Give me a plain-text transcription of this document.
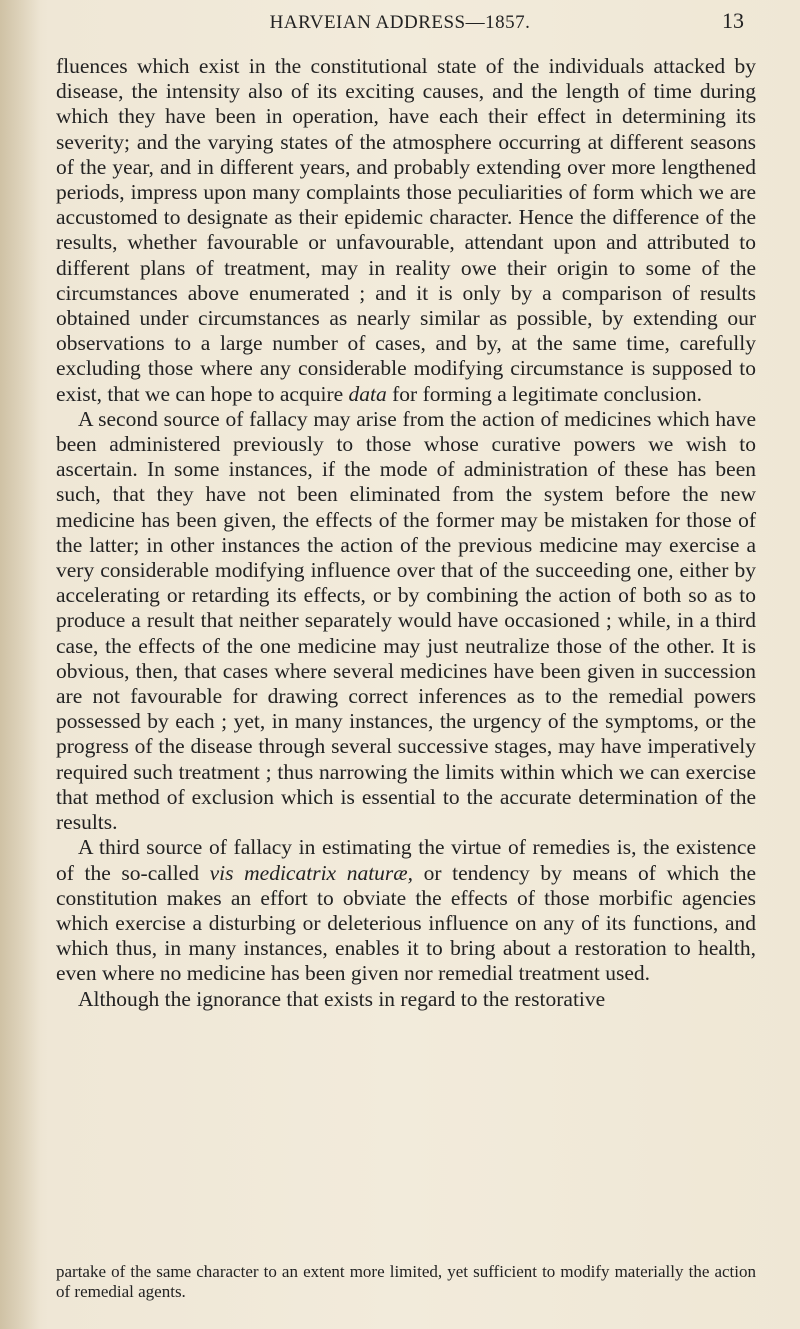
HARVEIAN ADDRESS—1857.	13

fluences which exist in the constitutional state of the individuals attacked by disease, the intensity also of its exciting causes, and the length of time during which they have been in operation, have each their effect in determining its severity; and the varying states of the atmosphere occurring at different seasons of the year, and in different years, and probably extending over more lengthened periods, impress upon many complaints those peculiarities of form which we are accustomed to designate as their epidemic character. Hence the difference of the results, whether favourable or unfavourable, attendant upon and attributed to different plans of treatment, may in reality owe their origin to some of the circumstances above enumerated ; and it is only by a comparison of results obtained under circumstances as nearly similar as possible, by extending our observations to a large number of cases, and by, at the same time, carefully excluding those where any considerable modifying circumstance is supposed to exist, that we can hope to acquire data for forming a legitimate conclusion.

A second source of fallacy may arise from the action of medicines which have been administered previously to those whose curative powers we wish to ascertain. In some instances, if the mode of administration of these has been such, that they have not been eliminated from the system before the new medicine has been given, the effects of the former may be mistaken for those of the latter; in other instances the action of the previous medicine may exercise a very considerable modifying influence over that of the succeeding one, either by accelerating or retarding its effects, or by combining the action of both so as to produce a result that neither separately would have occasioned ; while, in a third case, the effects of the one medicine may just neutralize those of the other. It is obvious, then, that cases where several medicines have been given in succession are not favourable for drawing correct inferences as to the remedial powers possessed by each ; yet, in many instances, the urgency of the symptoms, or the progress of the disease through several successive stages, may have imperatively required such treatment ; thus narrowing the limits within which we can exercise that method of exclusion which is essential to the accurate determination of the results.

A third source of fallacy in estimating the virtue of remedies is, the existence of the so-called vis medicatrix naturæ, or tendency by means of which the constitution makes an effort to obviate the effects of those morbific agencies which exercise a disturbing or deleterious influence on any of its functions, and which thus, in many instances, enables it to bring about a restoration to health, even where no medicine has been given nor remedial treatment used.

Although the ignorance that exists in regard to the restorative

partake of the same character to an extent more limited, yet sufficient to modify materially the action of remedial agents.
